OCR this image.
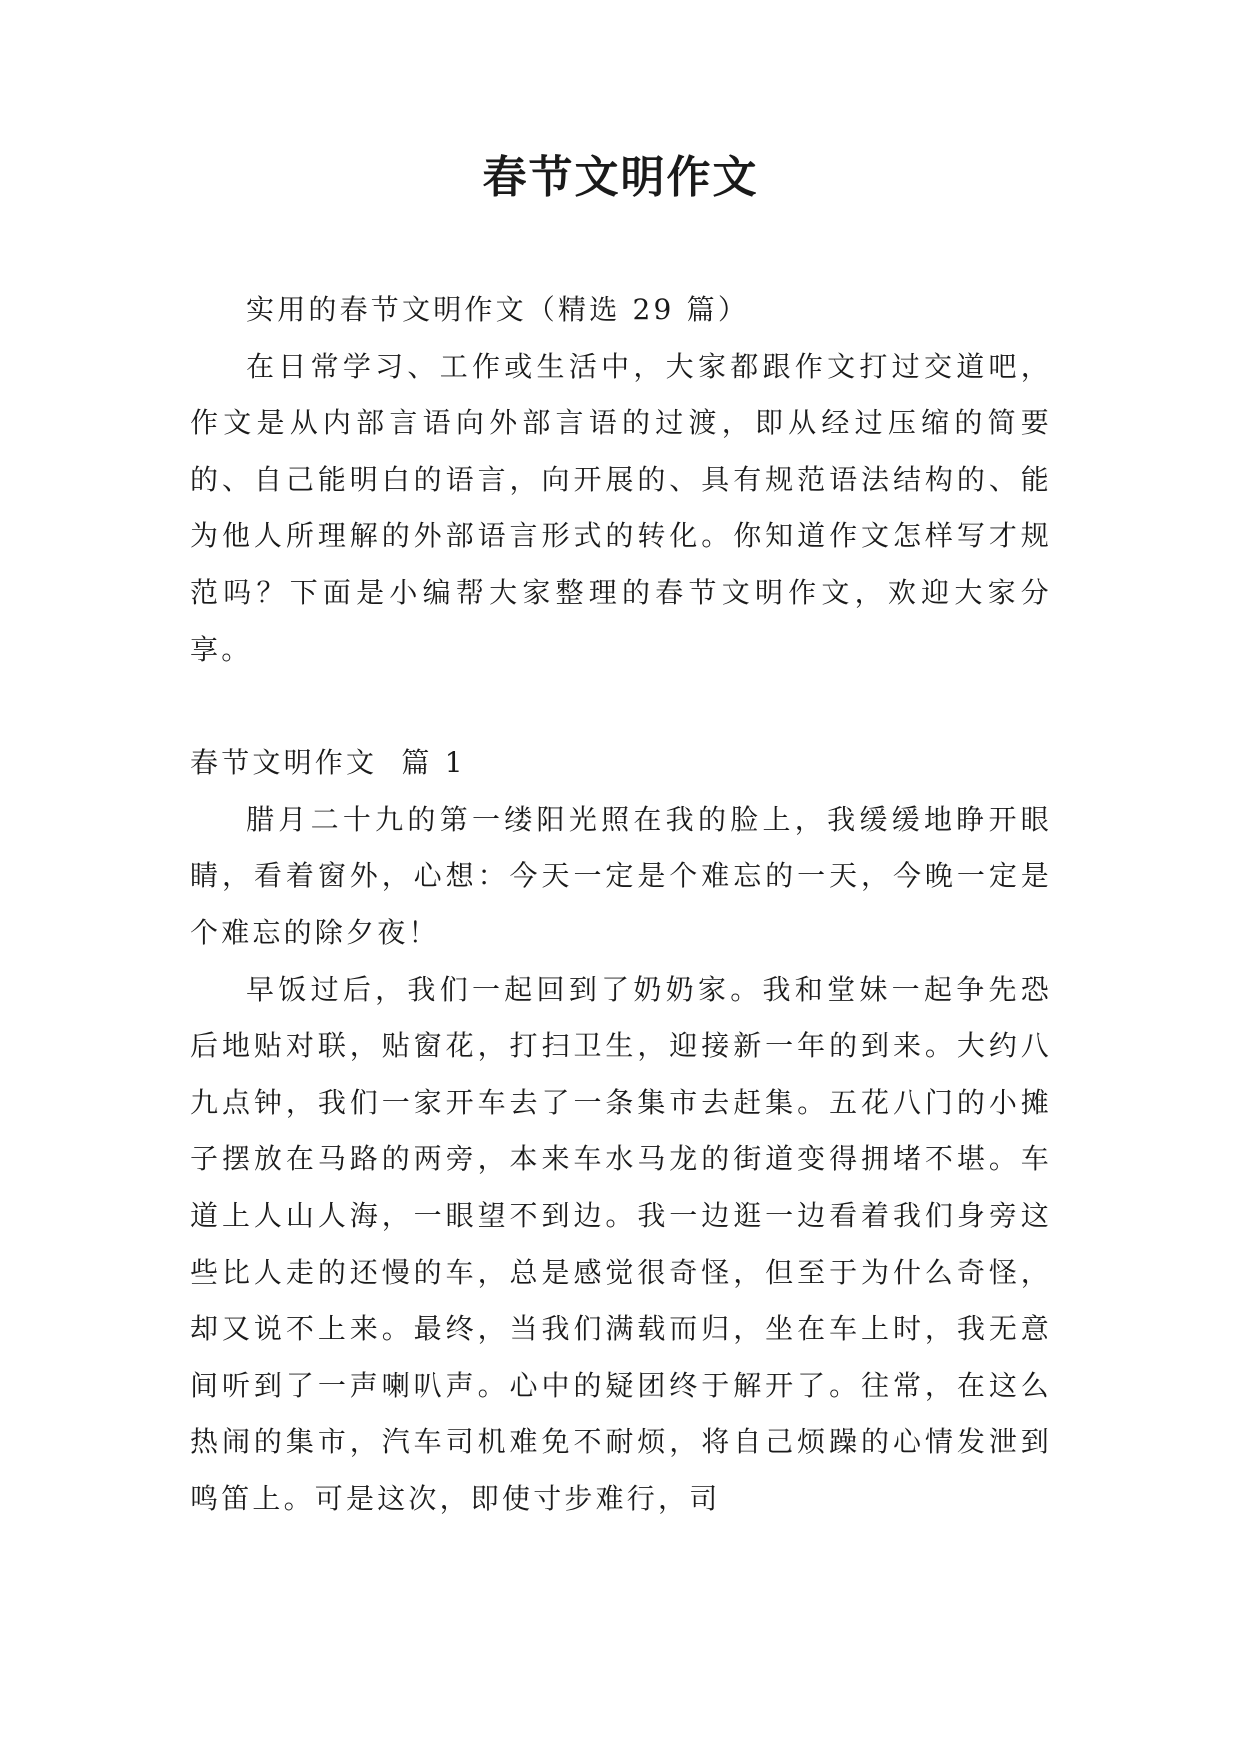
春节文明作文

实用的春节文明作文（精选 29 篇）

在日常学习、工作或生活中，大家都跟作文打过交道吧，作文是从内部言语向外部言语的过渡，即从经过压缩的简要的、自己能明白的语言，向开展的、具有规范语法结构的、能为他人所理解的外部语言形式的转化。你知道作文怎样写才规范吗？下面是小编帮大家整理的春节文明作文，欢迎大家分享。

春节文明作文  篇 1

腊月二十九的第一缕阳光照在我的脸上，我缓缓地睁开眼睛，看着窗外，心想：今天一定是个难忘的一天，今晚一定是个难忘的除夕夜！

早饭过后，我们一起回到了奶奶家。我和堂妹一起争先恐后地贴对联，贴窗花，打扫卫生，迎接新一年的到来。大约八九点钟，我们一家开车去了一条集市去赶集。五花八门的小摊子摆放在马路的两旁，本来车水马龙的街道变得拥堵不堪。车道上人山人海，一眼望不到边。我一边逛一边看着我们身旁这些比人走的还慢的车，总是感觉很奇怪，但至于为什么奇怪，却又说不上来。最终，当我们满载而归，坐在车上时，我无意间听到了一声喇叭声。心中的疑团终于解开了。往常，在这么热闹的集市，汽车司机难免不耐烦，将自己烦躁的心情发泄到鸣笛上。可是这次，即使寸步难行，司
